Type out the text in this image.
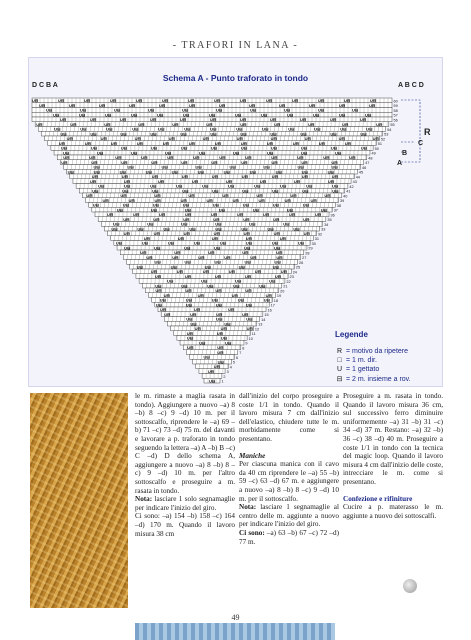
- TRAFORI IN LANA -
Schema A - Punto traforato in tondo
D C B A	A B C D
U⊟	U⊟	U⊟	U⊟	U⊟	U⊟	U⊟	U⊟	U⊟	U⊟	U⊟	U⊟	U⊟	U⊟	60
U⊟	U⊟	U⊟	U⊟	U⊟	U⊟	U⊟	U⊟	U⊟	U⊟	U⊟	U⊟	59
U⊟	U⊟	U⊟	U⊟	U⊟	U⊟	U⊟	U⊟	U⊟	U⊟	58
U⊟	U⊟	U⊟	U⊟	U⊟	U⊟	U⊟	U⊟	U⊟	U⊟	U⊟	U⊟	U⊟	57
U⊟	U⊟	U⊟	U⊟	U⊟	U⊟	U⊟	U⊟	U⊟	U⊟	U⊟	56
U⊟	U⊟	U⊟	U⊟	U⊟	U⊟	U⊟	U⊟	U⊟	U⊟	U⊟ 55
U⊟	U⊟	U⊟	U⊟	U⊟	U⊟	U⊟	U⊟	U⊟	U⊟	U⊟	U⊟	U⊟	54
U⊟	U⊟	U⊟	U⊟	U⊟	U⊟	U⊟	U⊟	U⊟	U⊟	U⊟	53
U⊟	U⊟	U⊟	U⊟	U⊟	U⊟	U⊟	U⊟	U⊟	U⊟ 52
U⊟	U⊟	U⊟	U⊟	U⊟	U⊟	U⊟	U⊟	U⊟	U⊟	U⊟	U⊟	51
U⊟	U⊟	U⊟	U⊟	U⊟	U⊟	U⊟	U⊟	U⊟	U⊟	U⊟ 50
U⊟	U⊟	U⊟	U⊟	U⊟	U⊟	U⊟	U⊟	U⊟	49
U⊟	U⊟	U⊟	U⊟	U⊟	U⊟	U⊟	U⊟	U⊟	U⊟	U⊟	U⊟	48
U⊟	U⊟	U⊟	U⊟	U⊟	U⊟	U⊟	U⊟	U⊟	U⊟	47
U⊟	U⊟	U⊟	U⊟	U⊟	U⊟	U⊟	U⊟	46
U⊟	U⊟	U⊟	U⊟	U⊟	U⊟	U⊟	U⊟	U⊟	U⊟	U⊟	45
U⊟	U⊟	U⊟	U⊟	U⊟	U⊟	U⊟	U⊟	U⊟	44
U⊟	U⊟	U⊟	U⊟	U⊟	U⊟	U⊟	U⊟	43
U⊟	U⊟	U⊟	U⊟	U⊟	U⊟	U⊟	U⊟	U⊟	U⊟	42
U⊟	U⊟	U⊟	U⊟	U⊟	U⊟	U⊟	U⊟	U⊟ 41
U⊟	U⊟	U⊟	U⊟	U⊟	U⊟	U⊟	U⊟	40
U⊟	U⊟	U⊟	U⊟	U⊟	U⊟	U⊟	U⊟	U⊟	39
U⊟	U⊟	U⊟	U⊟	U⊟	U⊟	U⊟	U⊟	38
U⊟	U⊟	U⊟	U⊟	U⊟	U⊟	U⊟ 37
U⊟	U⊟	U⊟	U⊟	U⊟	U⊟	U⊟	U⊟	U⊟ 36
U⊟	U⊟	U⊟	U⊟	U⊟	U⊟	U⊟	35
U⊟	U⊟	U⊟	U⊟	U⊟	U⊟	34
U⊟	U⊟	U⊟	U⊟	U⊟	U⊟	U⊟	U⊟	33
U⊟	U⊟	U⊟	U⊟	U⊟	U⊟	U⊟ 32
U⊟	U⊟	U⊟	U⊟	U⊟	31
U⊟	U⊟	U⊟	U⊟	U⊟	U⊟	U⊟	U⊟ 30
U⊟	U⊟	U⊟	U⊟	U⊟	U⊟	29
U⊟	U⊟	U⊟	U⊟	U⊟	28
U⊟	U⊟	U⊟	U⊟	U⊟	U⊟	27
U⊟	U⊟	U⊟	U⊟	U⊟	26
U⊟	U⊟	U⊟	U⊟	U⊟	25
U⊟	U⊟	U⊟	U⊟	U⊟	U⊟ 24
U⊟	U⊟	U⊟	U⊟	U⊟ 23
U⊟	U⊟	U⊟	U⊟	22
U⊟	U⊟	U⊟	U⊟	U⊟	21
U⊟	U⊟	U⊟	U⊟	20
U⊟	U⊟	U⊟	U⊟ 19
U⊟	U⊟	U⊟	U⊟	U⊟ 18
U⊟	U⊟	U⊟	U⊟	17
U⊟	U⊟	U⊟	16
U⊟	U⊟	U⊟	U⊟	15
U⊟	U⊟	U⊟ 14
U⊟	U⊟	13
U⊟	U⊟	U⊟ 12
U⊟	U⊟	11
U⊟	U⊟	10
U⊟	U⊟	9
U⊟	U⊟	8
U⊟	7
U⊟	6
U⊟ 5
U⊟	4
U⊟	3
2
U⊟ 1
R
C
B
A
Legende
R = motivo da ripetere
□ = 1 m. dir.
U = 1 gettato
⊟ = 2 m. insieme a rov.

le m. rimaste a maglia rasata in tondo). Aggiungere a nuovo –a) 8 –b) 8 –c) 9 –d) 10 m. per il sottoscalfo, riprendere le –a) 69 –b) 71 –c) 73 –d) 75 m. del davanti e lavorare a p. traforato in tondo seguendo la lettera –a) A –b) B –c) C –d) D dello schema A, aggiungere a nuovo –a) 8 –b) 8 –c) 9 –d) 10 m. per l'altro sottoscalfo e proseguire a m. rasata in tondo.

Nota: lasciare 1 solo segnamaglie per indicare l'inizio del giro.

Ci sono: –a) 154 –b) 158 –c) 164 –d) 170 m. Quando il lavoro misura 38 cm

dall'inizio del corpo proseguire a coste 1/1 in tondo. Quando il lavoro misura 7 cm dall'inizio dell'elastico, chiudere tutte le m. morbidamente come si presentano.

Maniche

Per ciascuna manica con il cavo da 40 cm riprendere le –a) 55 –b) 59 –c) 63 –d) 67 m. e aggiungere a nuovo –a) 8 –b) 8 –c) 9 –d) 10 m. per il sottoscalfo.

Nota: lasciare 1 segnamaglie al centro delle m. aggiunte a nuovo per indicare l'inizio del giro.

Ci sono: –a) 63 –b) 67 –c) 72 –d) 77 m.

Proseguire a m. rasata in tondo. Quando il lavoro misura 36 cm, sul successivo ferro diminuire uniformemente –a) 31 –b) 31 –c) 34 –d) 37 m. Restano: –a) 32 –b) 36 –c) 38 –d) 40 m. Proseguire a coste 1/1 in tondo con la tecnica del magic loop. Quando il lavoro misura 4 cm dall'inizio delle coste, intrecciare le m. come si presentano.

Confezione e rifiniture

Cucire a p. materasso le m. aggiunte a nuovo dei sottoscalfi.

49
